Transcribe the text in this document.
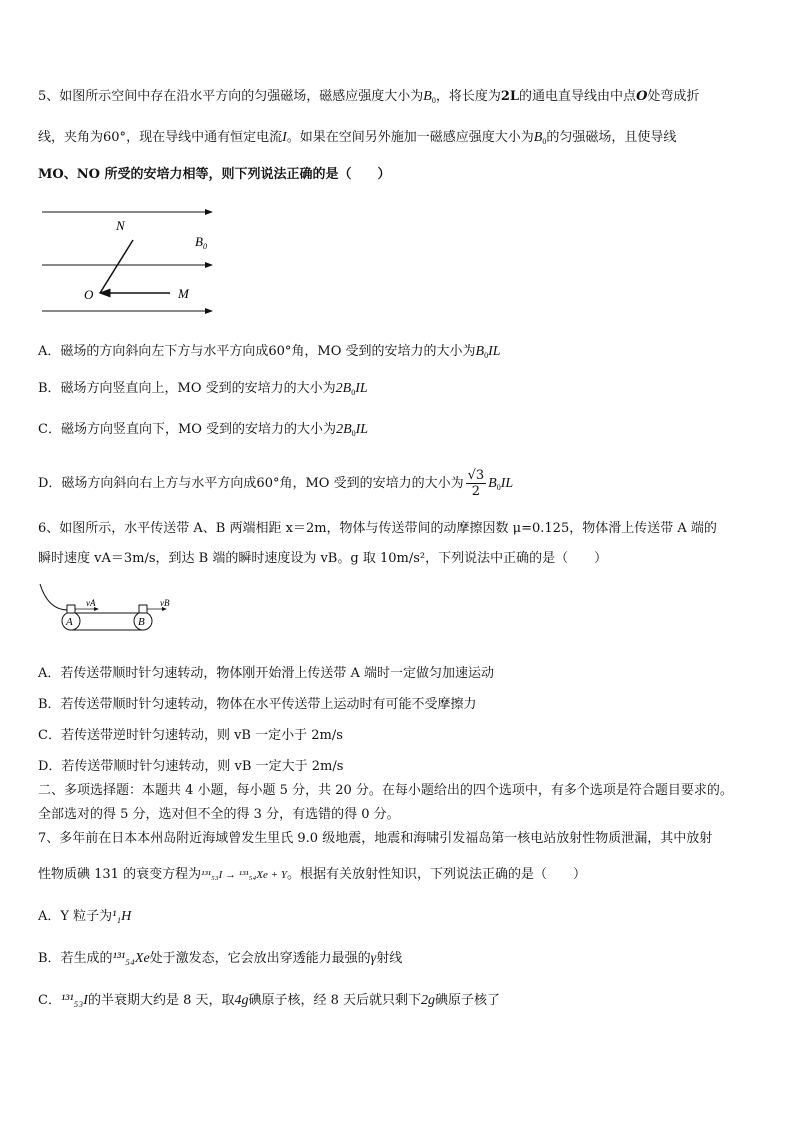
5、如图所示空间中存在沿水平方向的匀强磁场，磁感应强度大小为$B_0$，将长度为2L的通电直导线由中点O处弯成折
线，夹角为60°，现在导线中通有恒定电流I。如果在空间另外施加一磁感应强度大小为$B_0$的匀强磁场，且使导线
MO、NO 所受的安培力相等，则下列说法正确的是（　　）
N
$B_0$
O	M
A．磁场的方向斜向左下方与水平方向成60°角，MO 受到的安培力的大小为$B_0IL$
B．磁场方向竖直向上，MO 受到的安培力的大小为$2B_0IL$
C．磁场方向竖直向下，MO 受到的安培力的大小为$2B_0IL$
D．磁场方向斜向右上方与水平方向成60°角，MO 受到的安培力的大小为 $\frac{√3}{2} B_0IL$
6、如图所示，水平传送带 A、B 两端相距 x＝2m，物体与传送带间的动摩擦因数 μ=0.125，物体滑上传送带 A 端的
瞬时速度 vA＝3m/s，到达 B 端的瞬时速度设为 vB。g 取 10m/s²，下列说法中正确的是（　　）
A	B
vA	vB
A．若传送带顺时针匀速转动，物体刚开始滑上传送带 A 端时一定做匀加速运动
B．若传送带顺时针匀速转动，物体在水平传送带上运动时有可能不受摩擦力
C．若传送带逆时针匀速转动，则 vB 一定小于 2m/s
D．若传送带顺时针匀速转动，则 vB 一定大于 2m/s
二、多项选择题：本题共 4 小题，每小题 5 分，共 20 分。在每小题给出的四个选项中，有多个选项是符合题目要求的。
全部选对的得 5 分，选对但不全的得 3 分，有选错的得 0 分。
7、多年前在日本本州岛附近海域曾发生里氏 9.0 级地震，地震和海啸引发福岛第一核电站放射性物质泄漏，其中放射
性物质碘 131 的衰变方程为¹³¹₅₃I → ¹³¹₅₄Xe + Y。根据有关放射性知识，下列说法正确的是（　　）
A．Y 粒子为¹₁H
B．若生成的¹³¹₅₄Xe处于激发态，它会放出穿透能力最强的γ射线
C．¹³¹₅₃I的半衰期大约是 8 天，取4g碘原子核，经 8 天后就只剩下2g碘原子核了
